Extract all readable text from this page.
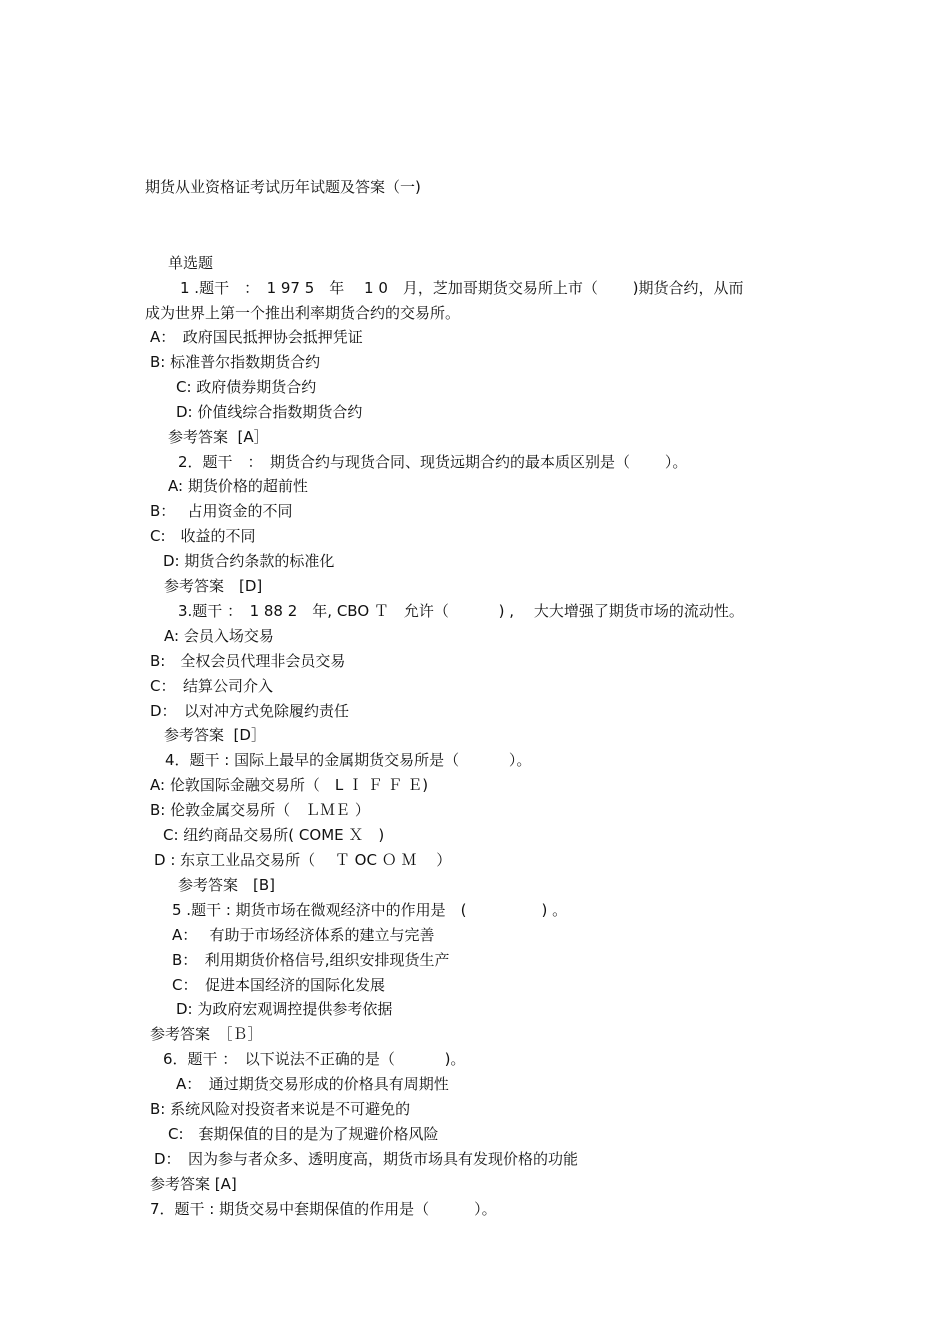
期货从业资格证考试历年试题及答案（一)
单选题
1 .题干　：　1 97 5　年　 1 0　月，芝加哥期货交易所上市（　　 )期货合约，从而
成为世界上第一个推出利率期货合约的交易所。
A：　政府国民抵押协会抵押凭证
B: 标准普尔指数期货合约
C: 政府债券期货合约
D: 价值线综合指数期货合约
参考答案  [A］
2．题干　：　期货合约与现货合同、现货远期合约的最本质区别是（　　 ）。
A: 期货价格的超前性
B：　 占用资金的不同
C:　收益的不同
D: 期货合约条款的标准化
参考答案　[D]
3.题干 ：　1 88 2　年, CBO Ｔ　允许（　　　 ) ,　 大大增强了期货市场的流动性。
A: 会员入场交易
B:　全权会员代理非会员交易
C：　结算公司介入
D：　以对冲方式免除履约责任
参考答案  [D］
4．题干 : 国际上最早的金属期货交易所是（　　　 ）。
A: 伦敦国际金融交易所（　L Ｉ Ｆ Ｆ Ｅ)
B: 伦敦金属交易所（　ＬＭＥ ）
C: 纽约商品交易所( COME Ｘ　)
D : 东京工业品交易所（　 Ｔ OC Ｏ Ｍ　 ）
参考答案　[B]
5 .题干 : 期货市场在微观经济中的作用是　(　　　　　) 。
A：　 有助于市场经济体系的建立与完善
B：　利用期货价格信号,组织安排现货生产
C：　促进本国经济的国际化发展
D: 为政府宏观调控提供参考依据
参考答案　［Ｂ］
6．题干 ：　以下说法不正确的是（　　　 )。
A：　通过期货交易形成的价格具有周期性
B: 系统风险对投资者来说是不可避免的
C:　套期保值的目的是为了规避价格风险
D：　因为参与者众多、透明度高，期货市场具有发现价格的功能
参考答案 [A]
7．题干 : 期货交易中套期保值的作用是（　　　）。
